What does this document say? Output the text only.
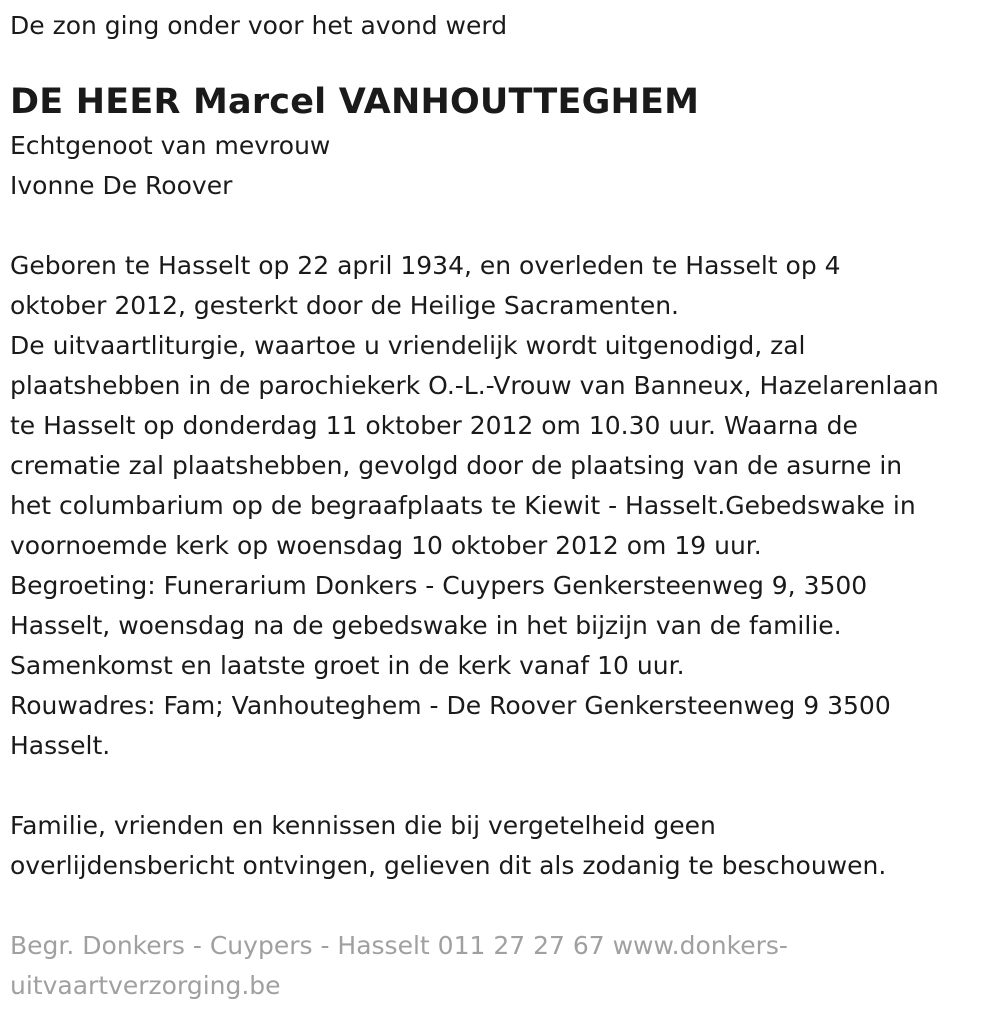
De zon ging onder voor het avond werd
DE HEER Marcel VANHOUTTEGHEM
Echtgenoot van mevrouw
Ivonne De Roover
Geboren te Hasselt op 22 april 1934, en overleden te Hasselt op 4
oktober 2012, gesterkt door de Heilige Sacramenten.
De uitvaartliturgie, waartoe u vriendelijk wordt uitgenodigd, zal
plaatshebben in de parochiekerk O.-L.-Vrouw van Banneux, Hazelarenlaan
te Hasselt op donderdag 11 oktober 2012 om 10.30 uur. Waarna de
crematie zal plaatshebben, gevolgd door de plaatsing van de asurne in
het columbarium op de begraafplaats te Kiewit - Hasselt.Gebedswake in
voornoemde kerk op woensdag 10 oktober 2012 om 19 uur.
Begroeting: Funerarium Donkers - Cuypers Genkersteenweg 9, 3500
Hasselt, woensdag na de gebedswake in het bijzijn van de familie.
Samenkomst en laatste groet in de kerk vanaf 10 uur.
Rouwadres: Fam; Vanhouteghem - De Roover Genkersteenweg 9 3500
Hasselt.
Familie, vrienden en kennissen die bij vergetelheid geen
overlijdensbericht ontvingen, gelieven dit als zodanig te beschouwen.
Begr. Donkers - Cuypers - Hasselt 011 27 27 67 www.donkers-
uitvaartverzorging.be
